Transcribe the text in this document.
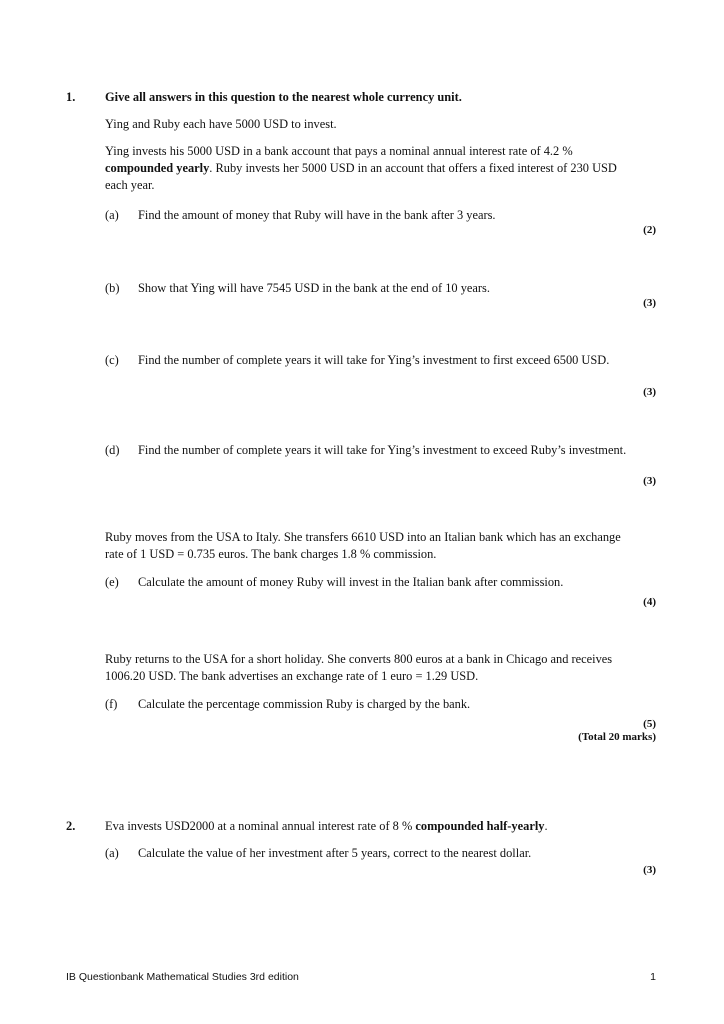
1. Give all answers in this question to the nearest whole currency unit.
Ying and Ruby each have 5000 USD to invest.
Ying invests his 5000 USD in a bank account that pays a nominal annual interest rate of 4.2 % compounded yearly. Ruby invests her 5000 USD in an account that offers a fixed interest of 230 USD each year.
(a) Find the amount of money that Ruby will have in the bank after 3 years.
(2)
(b) Show that Ying will have 7545 USD in the bank at the end of 10 years.
(3)
(c) Find the number of complete years it will take for Ying’s investment to first exceed 6500 USD.
(3)
(d) Find the number of complete years it will take for Ying’s investment to exceed Ruby’s investment.
(3)
Ruby moves from the USA to Italy. She transfers 6610 USD into an Italian bank which has an exchange rate of 1 USD = 0.735 euros. The bank charges 1.8 % commission.
(e) Calculate the amount of money Ruby will invest in the Italian bank after commission.
(4)
Ruby returns to the USA for a short holiday. She converts 800 euros at a bank in Chicago and receives 1006.20 USD. The bank advertises an exchange rate of 1 euro = 1.29 USD.
(f) Calculate the percentage commission Ruby is charged by the bank.
(5)
(Total 20 marks)
2. Eva invests USD2000 at a nominal annual interest rate of 8 % compounded half-yearly.
(a) Calculate the value of her investment after 5 years, correct to the nearest dollar.
(3)
IB Questionbank Mathematical Studies 3rd edition	1
